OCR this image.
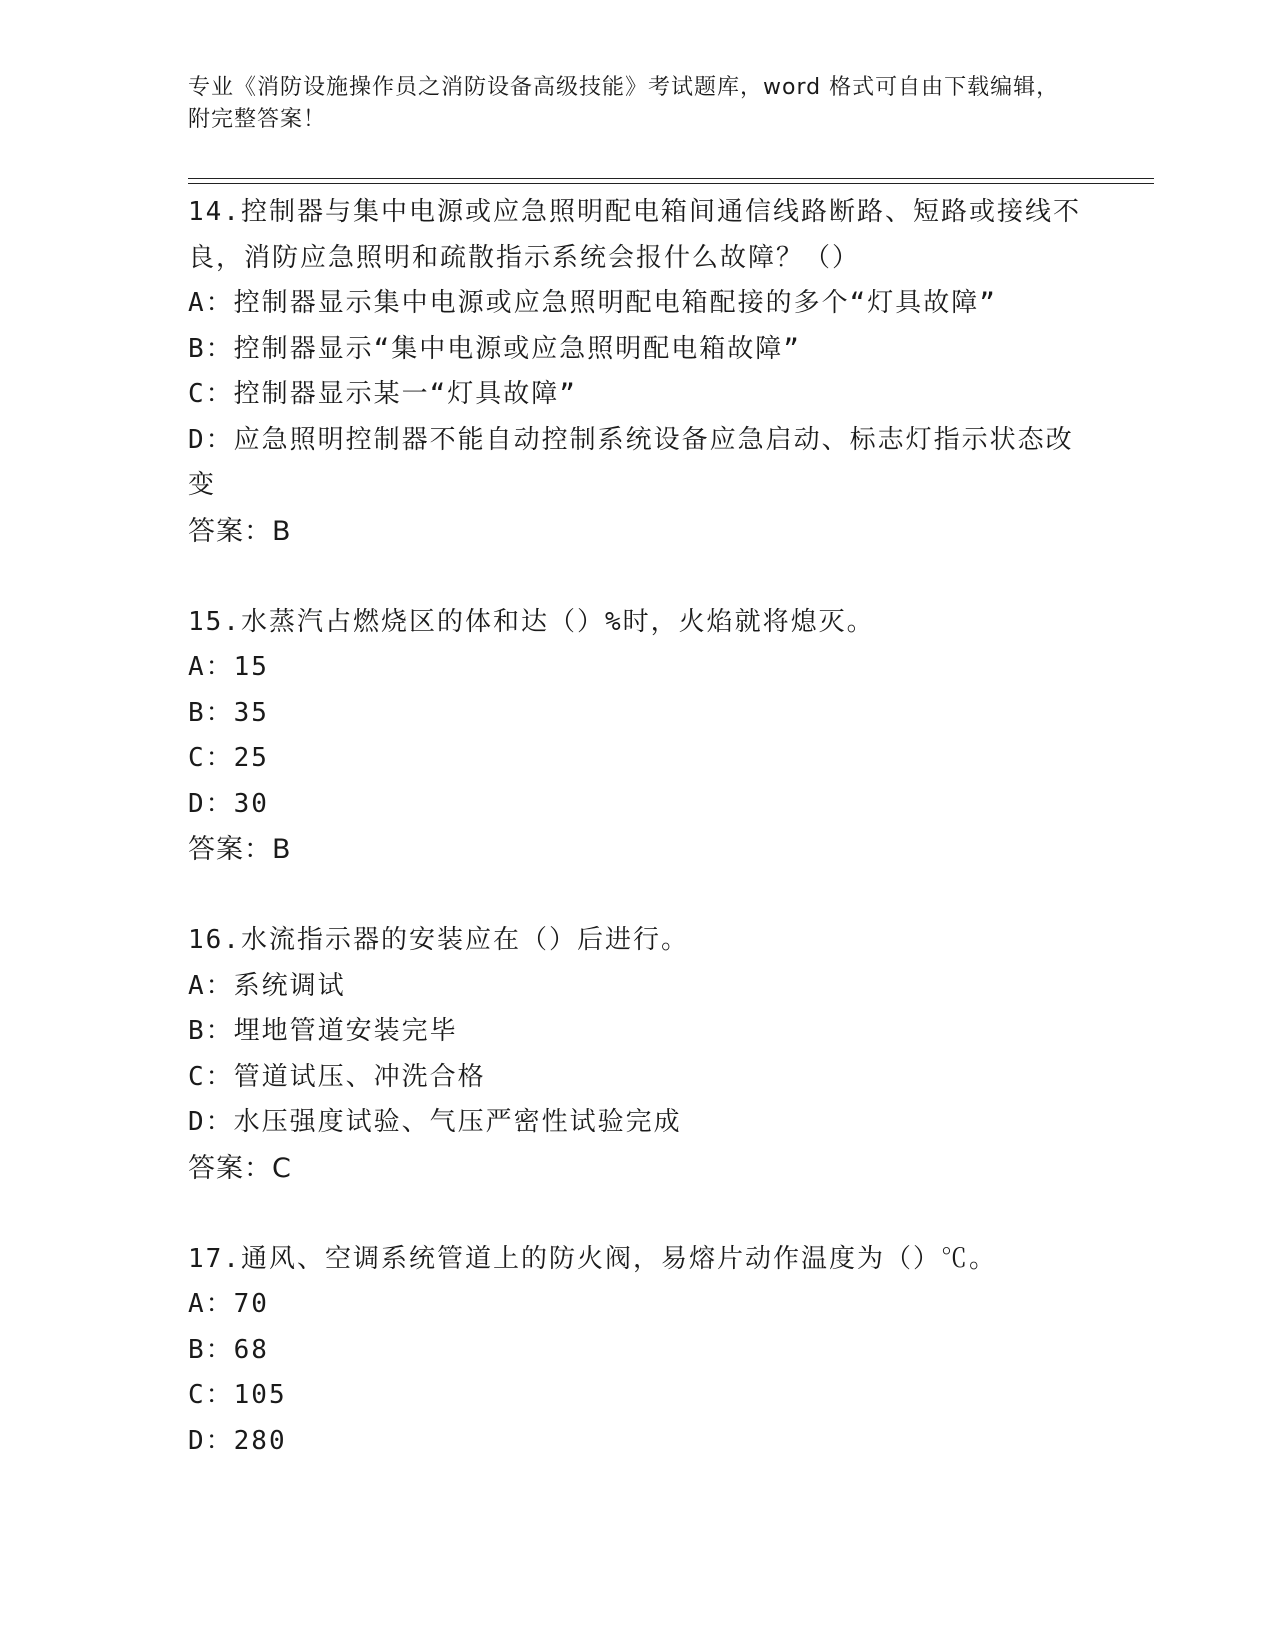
专业《消防设施操作员之消防设备高级技能》考试题库，word 格式可自由下载编辑，附完整答案！

14.控制器与集中电源或应急照明配电箱间通信线路断路、短路或接线不良，消防应急照明和疏散指示系统会报什么故障？（）

A：控制器显示集中电源或应急照明配电箱配接的多个“灯具故障”

B：控制器显示“集中电源或应急照明配电箱故障”

C：控制器显示某一“灯具故障”

D：应急照明控制器不能自动控制系统设备应急启动、标志灯指示状态改变

答案：B

15.水蒸汽占燃烧区的体和达（）%时，火焰就将熄灭。

A：15

B：35

C：25

D：30

答案：B

16.水流指示器的安装应在（）后进行。

A：系统调试

B：埋地管道安装完毕

C：管道试压、冲洗合格

D：水压强度试验、气压严密性试验完成

答案：C

17.通风、空调系统管道上的防火阀，易熔片动作温度为（）℃。

A：70

B：68

C：105

D：280
